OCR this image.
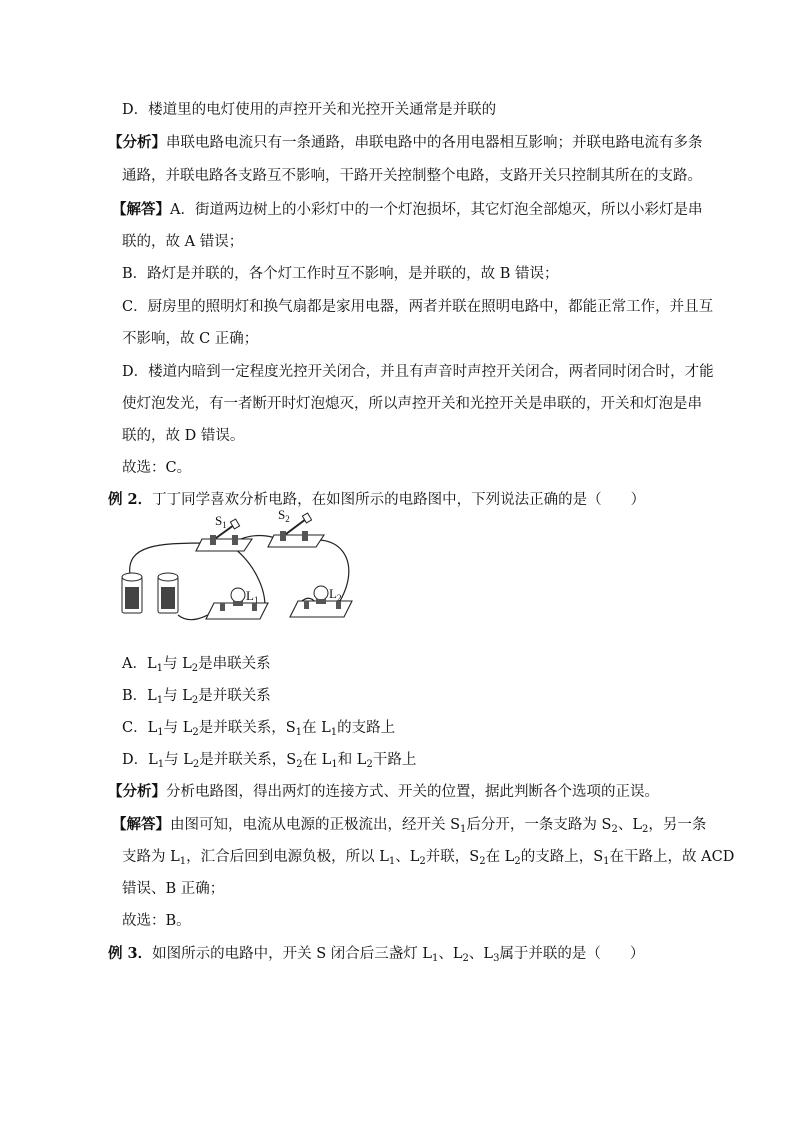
D．楼道里的电灯使用的声控开关和光控开关通常是并联的
【分析】串联电路电流只有一条通路，串联电路中的各用电器相互影响；并联电路电流有多条
通路，并联电路各支路互不影响，干路开关控制整个电路，支路开关只控制其所在的支路。
【解答】A．街道两边树上的小彩灯中的一个灯泡损坏，其它灯泡全部熄灭，所以小彩灯是串
联的，故 A 错误；
B．路灯是并联的，各个灯工作时互不影响，是并联的，故 B 错误；
C．厨房里的照明灯和换气扇都是家用电器，两者并联在照明电路中，都能正常工作，并且互
不影响，故 C 正确；
D．楼道内暗到一定程度光控开关闭合，并且有声音时声控开关闭合，两者同时闭合时，才能
使灯泡发光，有一者断开时灯泡熄灭，所以声控开关和光控开关是串联的，开关和灯泡是串
联的，故 D 错误。
故选：C。
例 2．丁丁同学喜欢分析电路，在如图所示的电路图中，下列说法正确的是（　　）
$S_1$
$S_2$
$L_1$	$L_2$
A．$L_1$与 $L_2$是串联关系
B．$L_1$与 $L_2$是并联关系
C．$L_1$与 $L_2$是并联关系，$S_1$在 $L_1$的支路上
D．$L_1$与 $L_2$是并联关系，$S_2$在 $L_1$和 $L_2$干路上
【分析】分析电路图，得出两灯的连接方式、开关的位置，据此判断各个选项的正误。
【解答】由图可知，电流从电源的正极流出，经开关 $S_1$后分开，一条支路为 $S_2$、$L_2$，另一条
支路为 $L_1$，汇合后回到电源负极，所以 $L_1$、$L_2$并联，$S_2$在 $L_2$的支路上，$S_1$在干路上，故 ACD
错误、B 正确；
故选：B。
例 3．如图所示的电路中，开关 S 闭合后三盏灯 $L_1$、$L_2$、$L_3$属于并联的是（　　）
